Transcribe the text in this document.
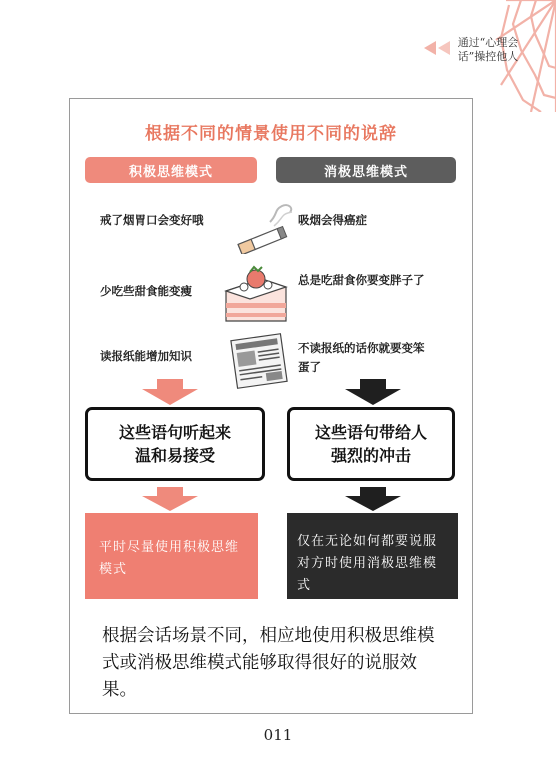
通过“心理会话”操控他人
根据不同的情景使用不同的说辞
积极思维模式	消极思维模式
戒了烟胃口会变好哦	吸烟会得癌症
少吃些甜食能变瘦
总是吃甜食你要变胖子了
读报纸能增加知识
不读报纸的话你就要变笨蛋了
这些语句听起来温和易接受
这些语句带给人强烈的冲击
平时尽量使用积极思维模式
仅在无论如何都要说服对方时使用消极思维模式
根据会话场景不同，相应地使用积极思维模式或消极思维模式能够取得很好的说服效果。
011
